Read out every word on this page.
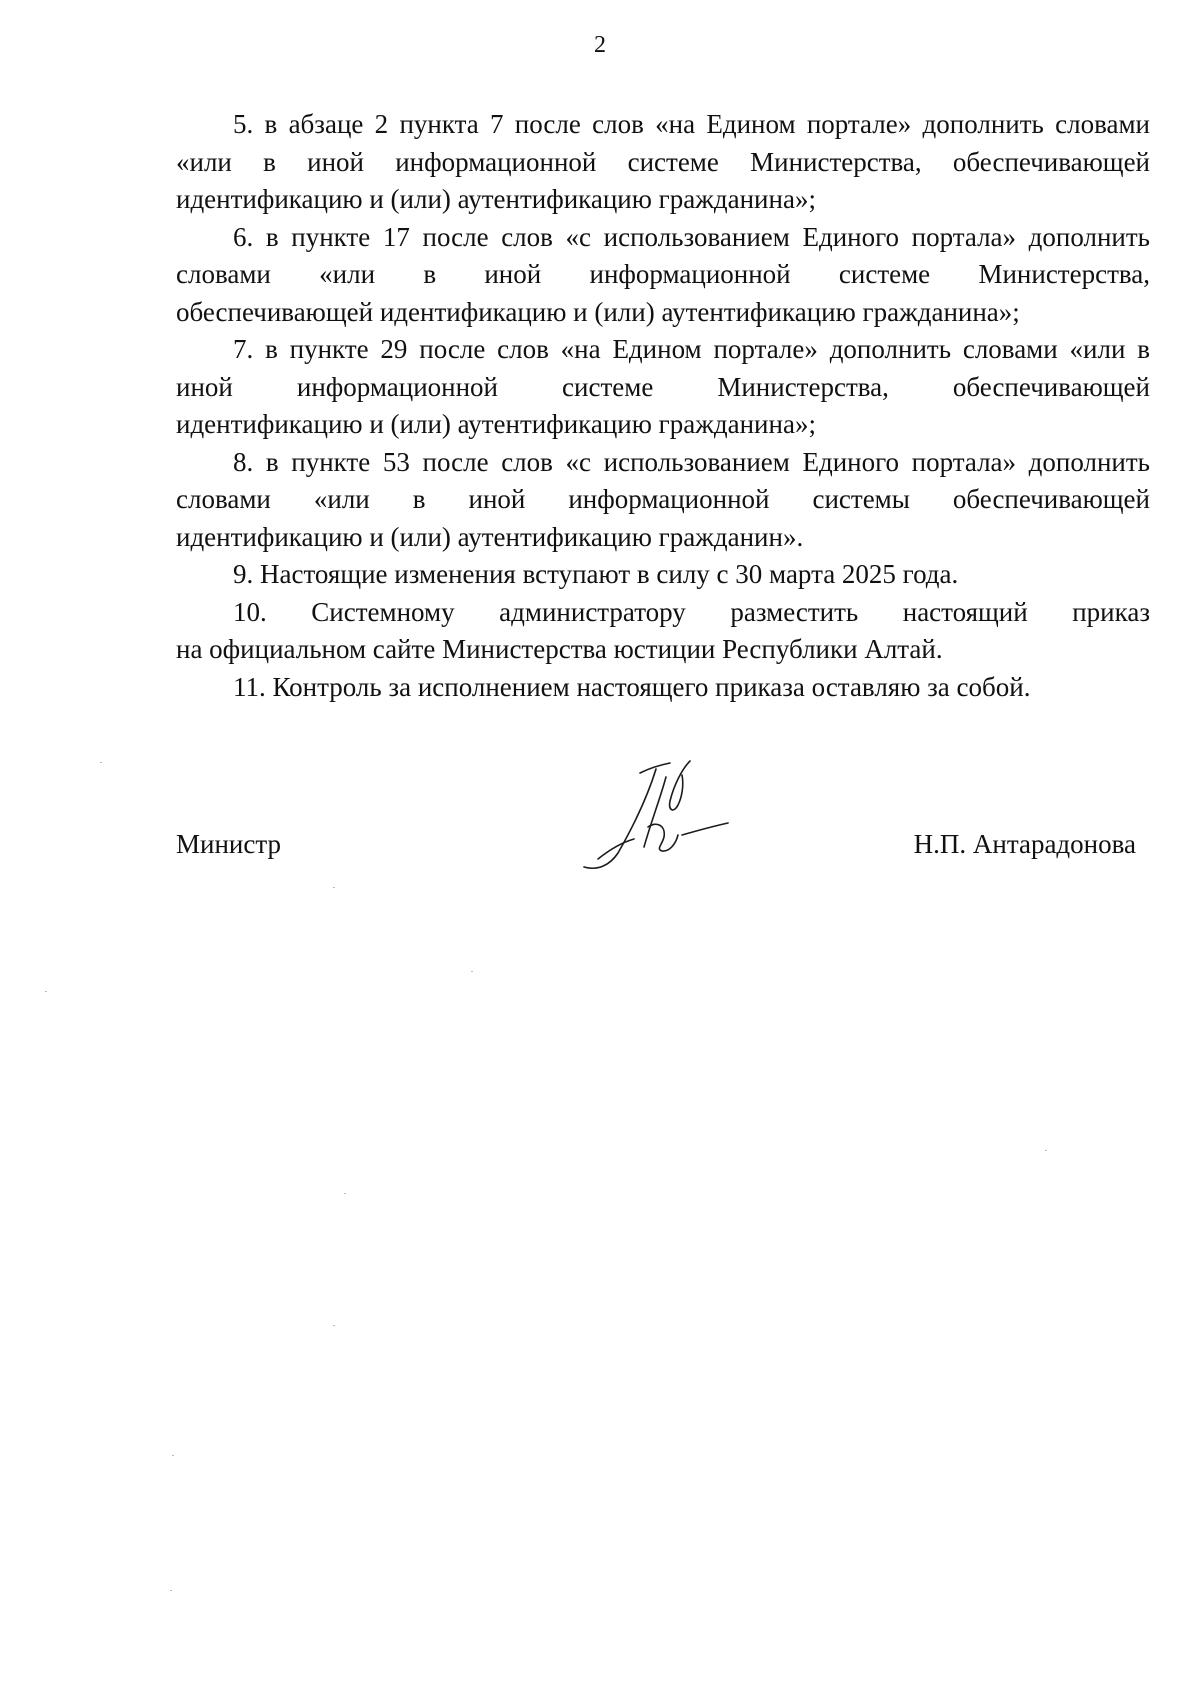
2
5. в абзаце 2 пункта 7 после слов «на Едином портале» дополнить словами
«или в иной информационной системе Министерства, обеспечивающей
идентификацию и (или) аутентификацию гражданина»;
6. в пункте 17 после слов «с использованием Единого портала» дополнить
словами «или в иной информационной системе Министерства,
обеспечивающей идентификацию и (или) аутентификацию гражданина»;
7. в пункте 29 после слов «на Едином портале» дополнить словами «или в
иной информационной системе Министерства, обеспечивающей
идентификацию и (или) аутентификацию гражданина»;
8. в пункте 53 после слов «с использованием Единого портала» дополнить
словами «или в иной информационной системы обеспечивающей
идентификацию и (или) аутентификацию гражданин».
9. Настоящие изменения вступают в силу с 30 марта 2025 года.
10. Системному администратору разместить настоящий приказ
на официальном сайте Министерства юстиции Республики Алтай.
11. Контроль за исполнением настоящего приказа оставляю за собой.
Министр	Н.П. Антарадонова
